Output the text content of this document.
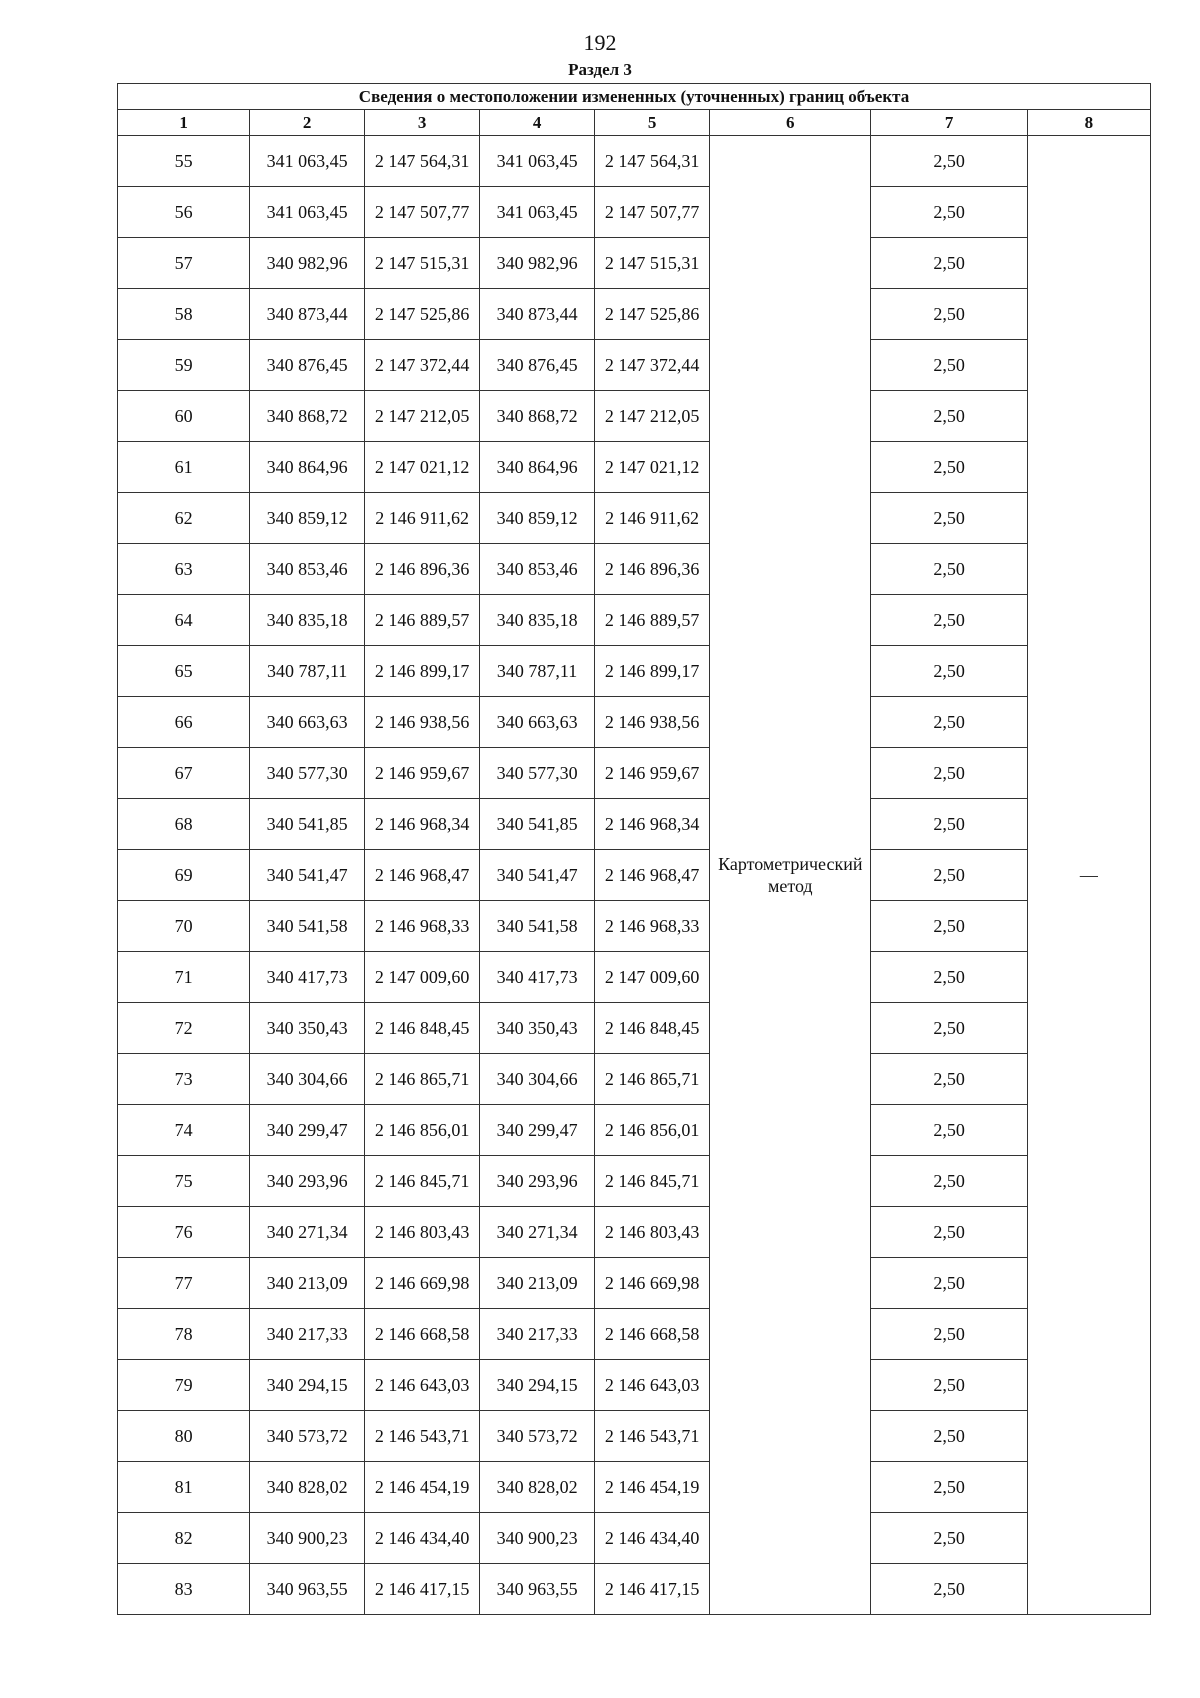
192
Раздел 3
Сведения о местоположении измененных (уточненных) границ объекта							
1	2	3	4	5	6	7	8
55	341 063,45	2 147 564,31	341 063,45	2 147 564,31	Картометрический метод	2,50	—
56	341 063,45	2 147 507,77	341 063,45	2 147 507,77		2,50	
57	340 982,96	2 147 515,31	340 982,96	2 147 515,31		2,50	
58	340 873,44	2 147 525,86	340 873,44	2 147 525,86		2,50	
59	340 876,45	2 147 372,44	340 876,45	2 147 372,44		2,50	
60	340 868,72	2 147 212,05	340 868,72	2 147 212,05		2,50	
61	340 864,96	2 147 021,12	340 864,96	2 147 021,12		2,50	
62	340 859,12	2 146 911,62	340 859,12	2 146 911,62		2,50	
63	340 853,46	2 146 896,36	340 853,46	2 146 896,36		2,50	
64	340 835,18	2 146 889,57	340 835,18	2 146 889,57		2,50	
65	340 787,11	2 146 899,17	340 787,11	2 146 899,17		2,50	
66	340 663,63	2 146 938,56	340 663,63	2 146 938,56		2,50	
67	340 577,30	2 146 959,67	340 577,30	2 146 959,67		2,50	
68	340 541,85	2 146 968,34	340 541,85	2 146 968,34		2,50	
69	340 541,47	2 146 968,47	340 541,47	2 146 968,47		2,50	
70	340 541,58	2 146 968,33	340 541,58	2 146 968,33		2,50	
71	340 417,73	2 147 009,60	340 417,73	2 147 009,60		2,50	
72	340 350,43	2 146 848,45	340 350,43	2 146 848,45		2,50	
73	340 304,66	2 146 865,71	340 304,66	2 146 865,71		2,50	
74	340 299,47	2 146 856,01	340 299,47	2 146 856,01		2,50	
75	340 293,96	2 146 845,71	340 293,96	2 146 845,71		2,50	
76	340 271,34	2 146 803,43	340 271,34	2 146 803,43		2,50	
77	340 213,09	2 146 669,98	340 213,09	2 146 669,98		2,50	
78	340 217,33	2 146 668,58	340 217,33	2 146 668,58		2,50	
79	340 294,15	2 146 643,03	340 294,15	2 146 643,03		2,50	
80	340 573,72	2 146 543,71	340 573,72	2 146 543,71		2,50	
81	340 828,02	2 146 454,19	340 828,02	2 146 454,19		2,50	
82	340 900,23	2 146 434,40	340 900,23	2 146 434,40		2,50	
83	340 963,55	2 146 417,15	340 963,55	2 146 417,15		2,50	
